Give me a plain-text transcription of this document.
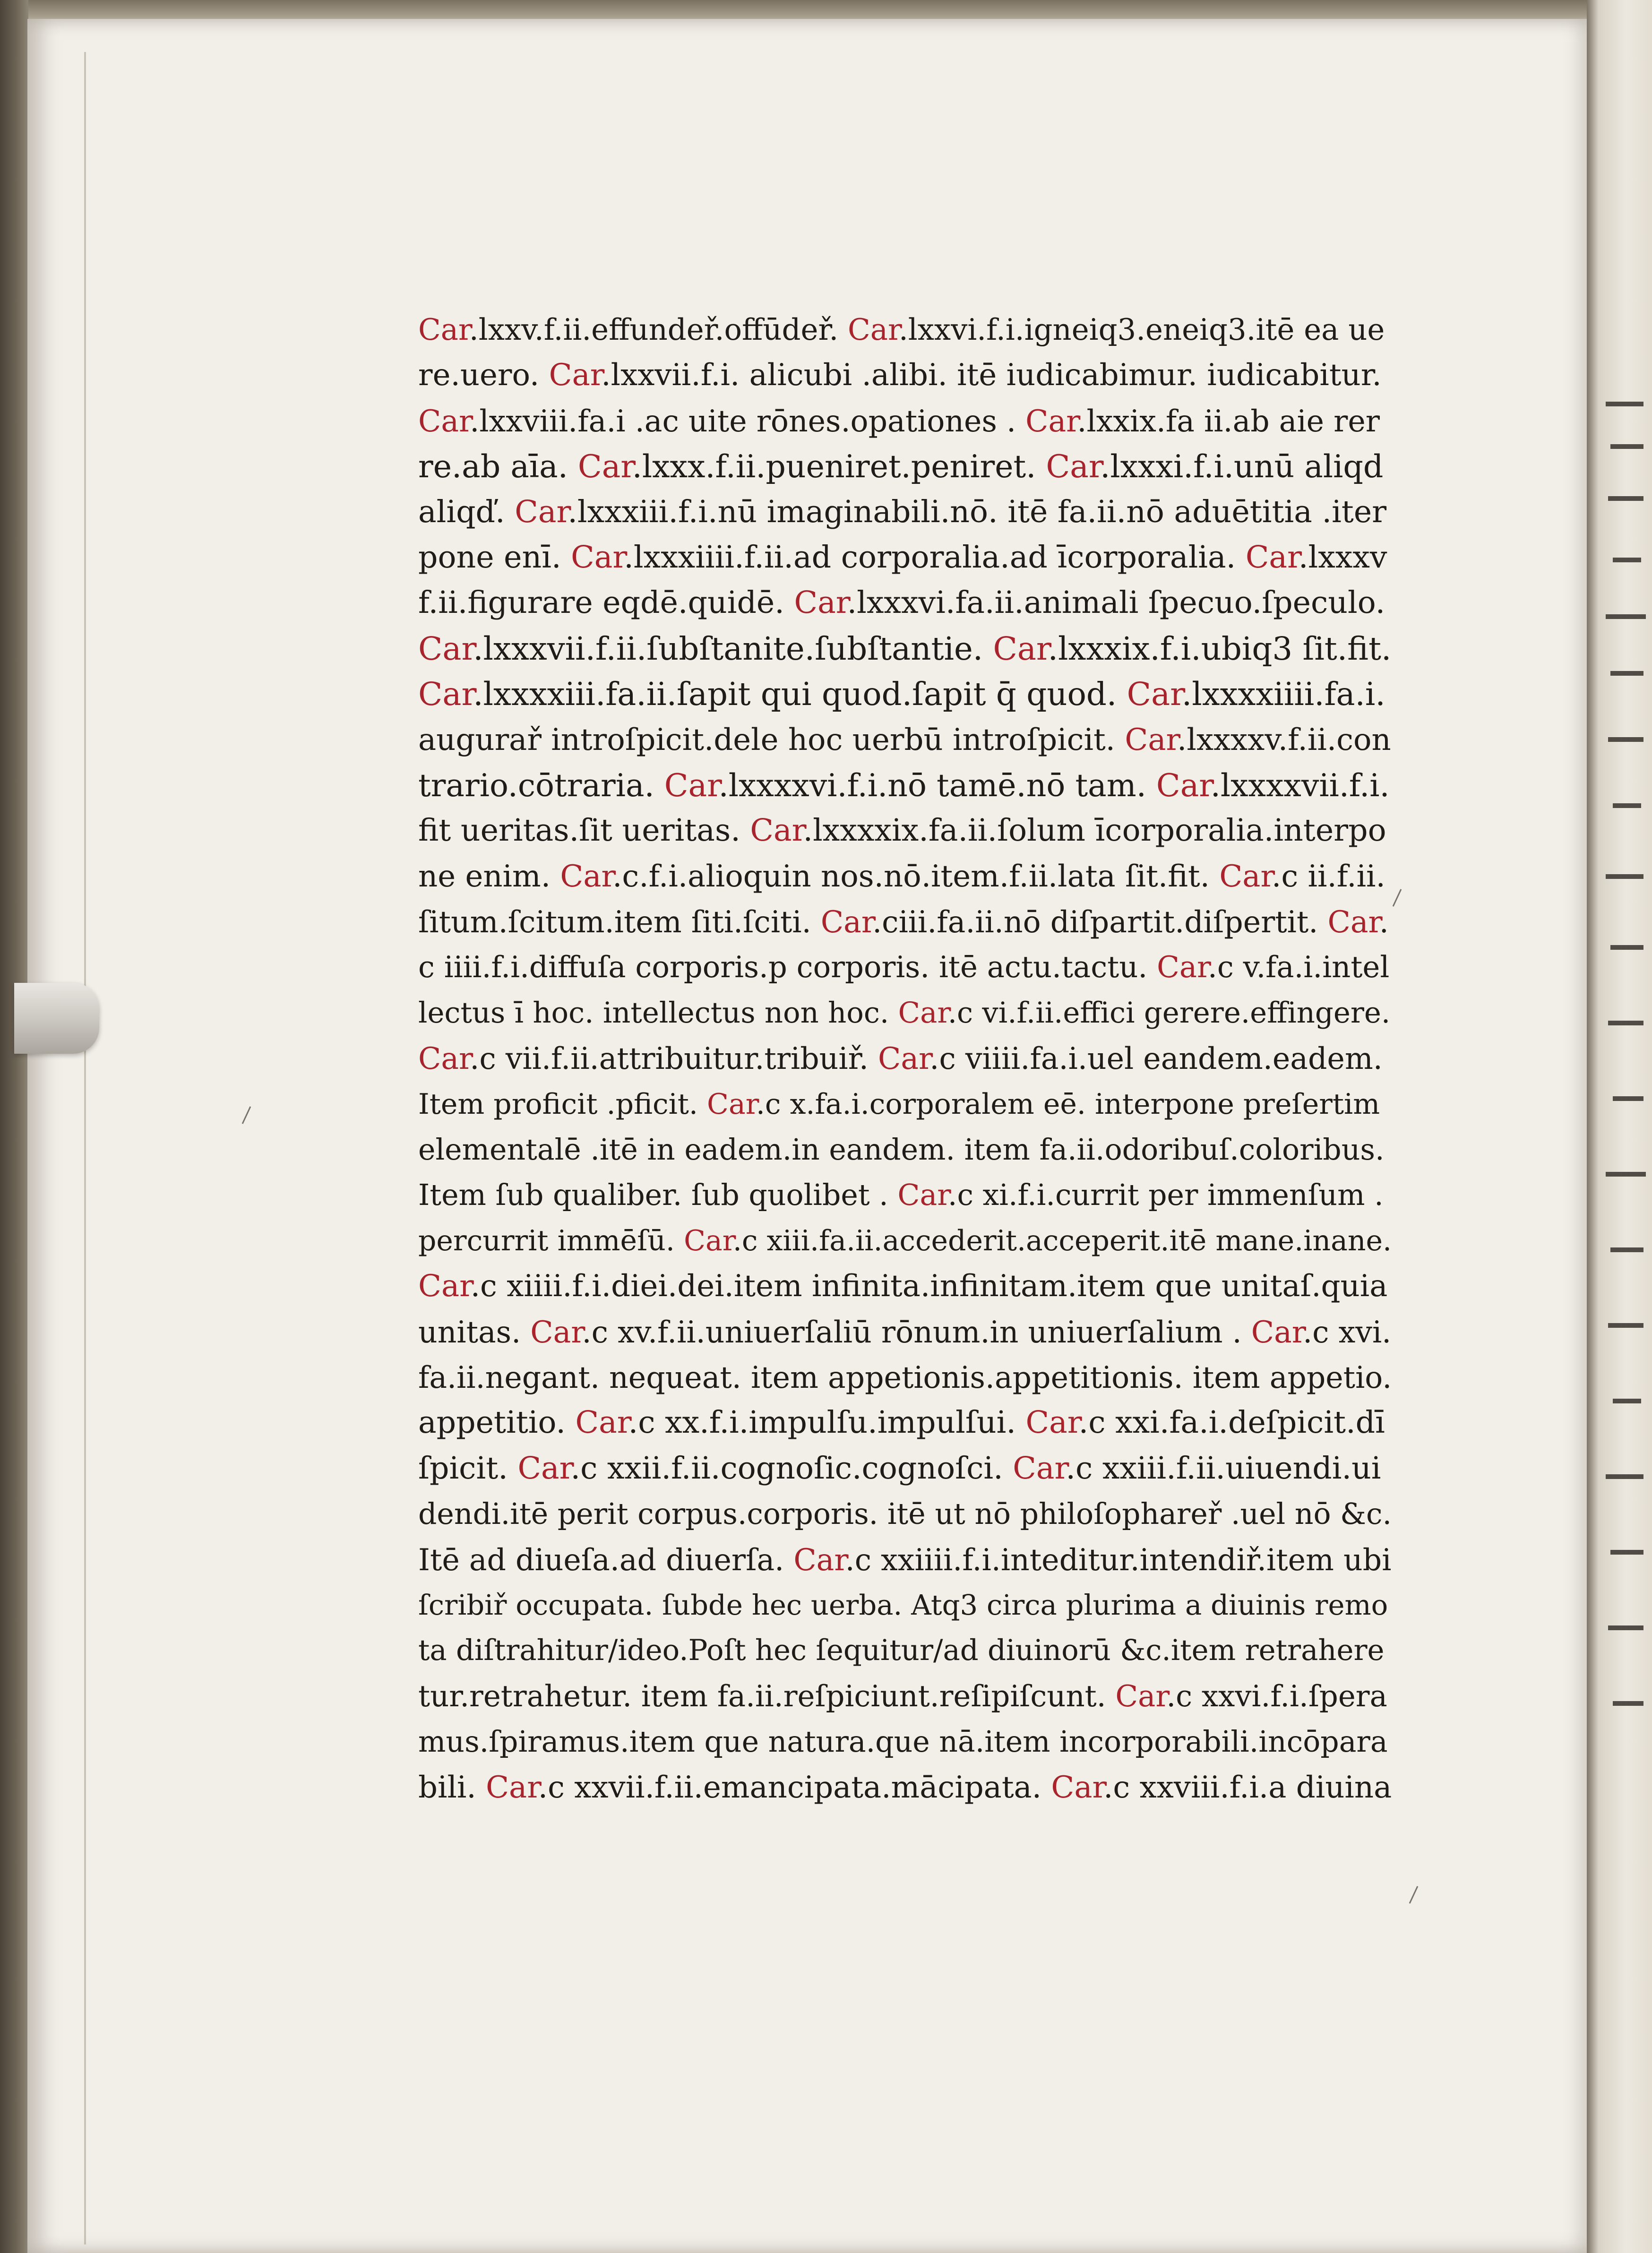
Car.lxxv.f.ii.effundeř.offūdeř. Car.lxxvi.f.i.igneiq3.eneiq3.itē ea ue
re.uero. Car.lxxvii.f.i. alicubi .alibi. itē iudicabimur. iudicabitur.
Car.lxxviii.fa.i .ac uite rōnes.opationes . Car.lxxix.fa ii.ab aie rer
re.ab aīa. Car.lxxx.f.ii.pueniret.peniret. Car.lxxxi.f.i.unū aliqd
aliqď. Car.lxxxiii.f.i.nū imaginabili.nō. itē fa.ii.nō aduētitia .iter
pone enī. Car.lxxxiiii.f.ii.ad corporalia.ad īcorporalia. Car.lxxxv
f.ii.figurare eqdē.quidē. Car.lxxxvi.fa.ii.animali ſpecuo.ſpeculo.
Car.lxxxvii.f.ii.ſubſtanite.ſubſtantie. Car.lxxxix.f.i.ubiq3 ſit.fit.
Car.lxxxxiii.fa.ii.ſapit qui quod.ſapit q̄ quod. Car.lxxxxiiii.fa.i.
augurař introſpicit.dele hoc uerbū introſpicit. Car.lxxxxv.f.ii.con
trario.cōtraria. Car.lxxxxvi.f.i.nō tamē.nō tam. Car.lxxxxvii.f.i.
fit ueritas.ſit ueritas. Car.lxxxxix.fa.ii.ſolum īcorporalia.interpo
ne enim. Car.c.f.i.alioquin nos.nō.item.f.ii.lata ſit.fit. Car.c ii.f.ii.
ſitum.ſcitum.item ſiti.ſciti. Car.ciii.fa.ii.nō diſpartit.diſpertit. Car.
c iiii.f.i.diffuſa corporis.p corporis. itē actu.tactu. Car.c v.fa.i.intel
lectus ī hoc. intellectus non hoc. Car.c vi.f.ii.effici gerere.effingere.
Car.c vii.f.ii.attribuitur.tribuiř. Car.c viiii.fa.i.uel eandem.eadem.
Item proficit .pficit. Car.c x.fa.i.corporalem eē. interpone preſertim
elementalē .itē in eadem.in eandem. item fa.ii.odoribuſ.coloribus.
Item ſub qualiber. ſub quolibet . Car.c xi.f.i.currit per immenſum .
percurrit immēſū. Car.c xiii.fa.ii.accederit.acceperit.itē mane.inane.
Car.c xiiii.f.i.diei.dei.item infinita.infinitam.item que unitaſ.quia
unitas. Car.c xv.f.ii.uniuerſaliū rōnum.in uniuerſalium . Car.c xvi.
fa.ii.negant. nequeat. item appetionis.appetitionis. item appetio.
appetitio. Car.c xx.f.i.impulſu.impulſui. Car.c xxi.fa.i.deſpicit.dī
ſpicit. Car.c xxii.f.ii.cognoſic.cognoſci. Car.c xxiii.f.ii.uiuendi.ui
dendi.itē perit corpus.corporis. itē ut nō philoſophareř .uel nō &c.
Itē ad diueſa.ad diuerſa. Car.c xxiiii.f.i.inteditur.intendiř.item ubi
ſcribiř occupata. ſubde hec uerba. Atq3 circa plurima a diuinis remo
ta diſtrahitur/ideo.Poſt hec ſequitur/ad diuinorū &c.item retrahere
tur.retrahetur. item fa.ii.reſpiciunt.reſipiſcunt. Car.c xxvi.f.i.ſpera
mus.ſpiramus.item que natura.que nā.item incorporabili.incōpara
bili. Car.c xxvii.f.ii.emancipata.mācipata. Car.c xxviii.f.i.a diuina
